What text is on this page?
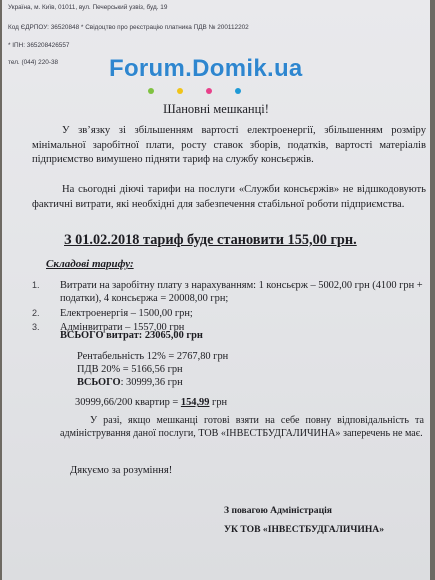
Україна, м. Київ, 01011, вул. Печерський узвіз, буд. 19
Код ЄДРПОУ: 36520848 * Свідоцтво про реєстрацію платника ПДВ № 200112202
* ІПН: 365208426557
тел. (044) 220-38 Forum.Domik.ua
Шановні мешканці!

У зв’язку зі збільшенням вартості електроенергії, збільшенням розміру мінімальної заробітної плати, росту ставок зборів, податків, вартості матеріалів підприємство вимушено підняти тариф на службу консьєржів.

На сьогодні діючі тарифи на послуги «Служби консьєржів» не відшкодовують фактичні витрати, які необхідні для забезпечення стабільної роботи підприємства.

З 01.02.2018 тариф буде становити 155,00 грн.
Складові тарифу:
1. Витрати на заробітну плату з нарахуванням: 1 консьєрж – 5002,00 грн (4100 грн + податки), 4 консьєржа = 20008,00 грн;
2. Електроенергія – 1500,00 грн;
3. Адмінвитрати – 1557,00 грн
ВСЬОГО витрат: 23065,00 грн
Рентабельність 12% = 2767,80 грн
ПДВ 20% = 5166,56 грн
ВСЬОГО: 30999,36 грн
30999,66/200 квартир = 154,99 грн

У разі, якщо мешканці готові взяти на себе повну відповідальність та адміністрування даної послуги, ТОВ «ІНВЕСТБУДГАЛИЧИНА» заперечень не має.

Дякуємо за розуміння!
З повагою Адміністрація
УК ТОВ «ІНВЕСТБУДГАЛИЧИНА»
